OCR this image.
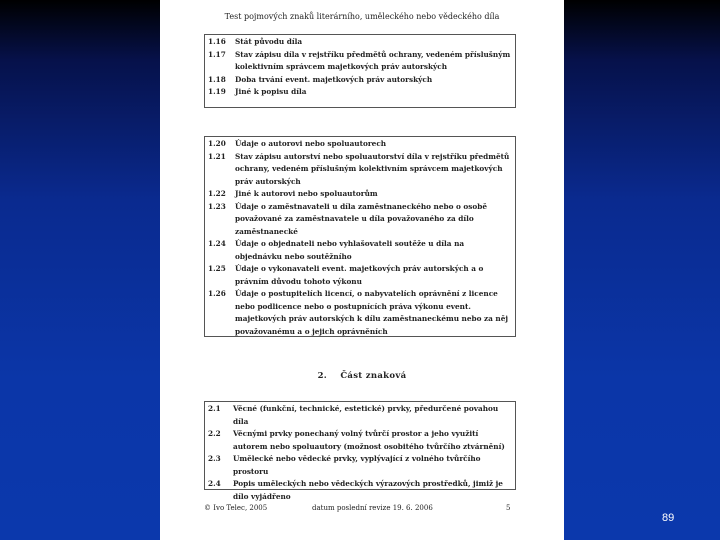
Test pojmových znaků literárního, uměleckého nebo vědeckého díla
1.16	Stát původu díla
1.17	Stav zápisu díla v rejstříku předmětů ochrany, vedeném příslušným kolektivním správcem majetkových práv autorských
1.18	Doba trvání event. majetkových práv autorských
1.19	Jiné k popisu díla
1.20	Údaje o autorovi nebo spoluautorech
1.21	Stav zápisu autorství nebo spoluautorství díla v rejstříku předmětů ochrany, vedeném příslušným kolektivním správcem majetkových práv autorských
1.22	Jiné k autorovi nebo spoluautorům
1.23	Údaje o zaměstnavateli u díla zaměstnaneckého nebo o osobě považované za zaměstnavatele u díla považovaného za dílo zaměstnanecké
1.24	Údaje o objednateli nebo vyhlašovateli soutěže u díla na objednávku nebo soutěžního
1.25	Údaje o vykonavateli event. majetkových práv autorských a o právním důvodu tohoto výkonu
1.26	Údaje o postupitelích licencí, o nabyvatelích oprávnění z licence nebo podlicence nebo o postupnících práva výkonu event. majetkových práv autorských k dílu zaměstnaneckému nebo za něj považovanému a o jejich oprávněních
2. Část znaková
2.1	Věcné (funkční, technické, estetické) prvky, předurčené povahou díla
2.2	Věcnými prvky ponechaný volný tvůrčí prostor a jeho využití autorem nebo spoluautory (možnost osobitého tvůrčího ztvárnění)
2.3	Umělecké nebo vědecké prvky, vyplývající z volného tvůrčího prostoru
2.4	Popis uměleckých nebo vědeckých výrazových prostředků, jimiž je dílo vyjádřeno
© Ivo Telec, 2005	datum poslední revize 19. 6. 2006	5
89
